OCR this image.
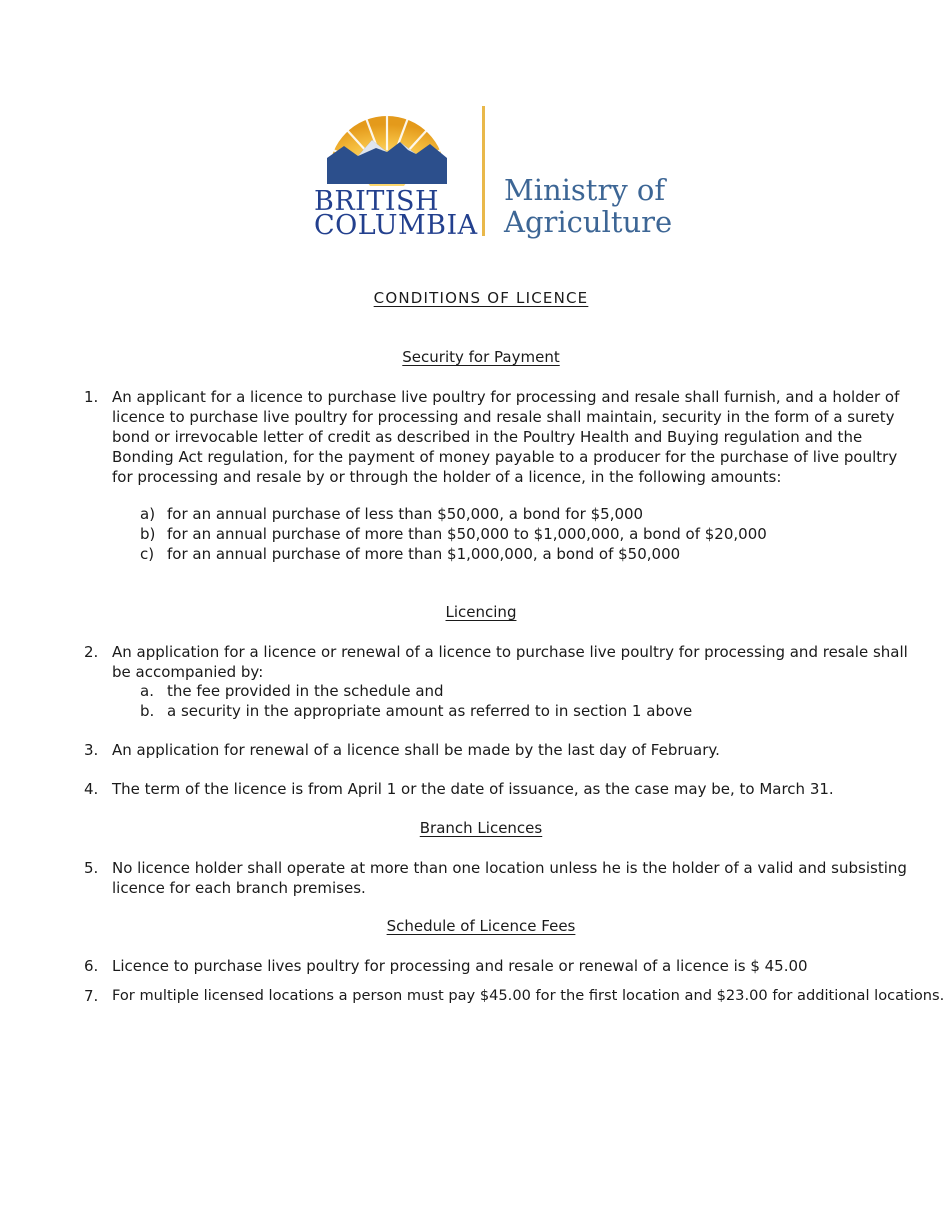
BRITISH
COLUMBIA
Ministry of
Agriculture
CONDITIONS OF LICENCE
Security for Payment
1. An applicant for a licence to purchase live poultry for processing and resale shall furnish, and a holder of licence to purchase live poultry for processing and resale shall maintain, security in the form of a surety bond or irrevocable letter of credit as described in the Poultry Health and Buying regulation and the Bonding Act regulation, for the payment of money payable to a producer for the purchase of live poultry for processing and resale by or through the holder of a licence, in the following amounts:
a) for an annual purchase of less than $50,000, a bond for $5,000
b) for an annual purchase of more than $50,000 to $1,000,000, a bond of $20,000
c) for an annual purchase of more than $1,000,000, a bond of $50,000
Licencing
2. An application for a licence or renewal of a licence to purchase live poultry for processing and resale shall be accompanied by:
a. the fee provided in the schedule and
b. a security in the appropriate amount as referred to in section 1 above
3. An application for renewal of a licence shall be made by the last day of February.
4. The term of the licence is from April 1 or the date of issuance, as the case may be, to March 31.
Branch Licences
5. No licence holder shall operate at more than one location unless he is the holder of a valid and subsisting licence for each branch premises.
Schedule of Licence Fees
6. Licence to purchase lives poultry for processing and resale or renewal of a licence is $ 45.00
7. For multiple licensed locations a person must pay $45.00 for the first location and $23.00 for additional locations.
